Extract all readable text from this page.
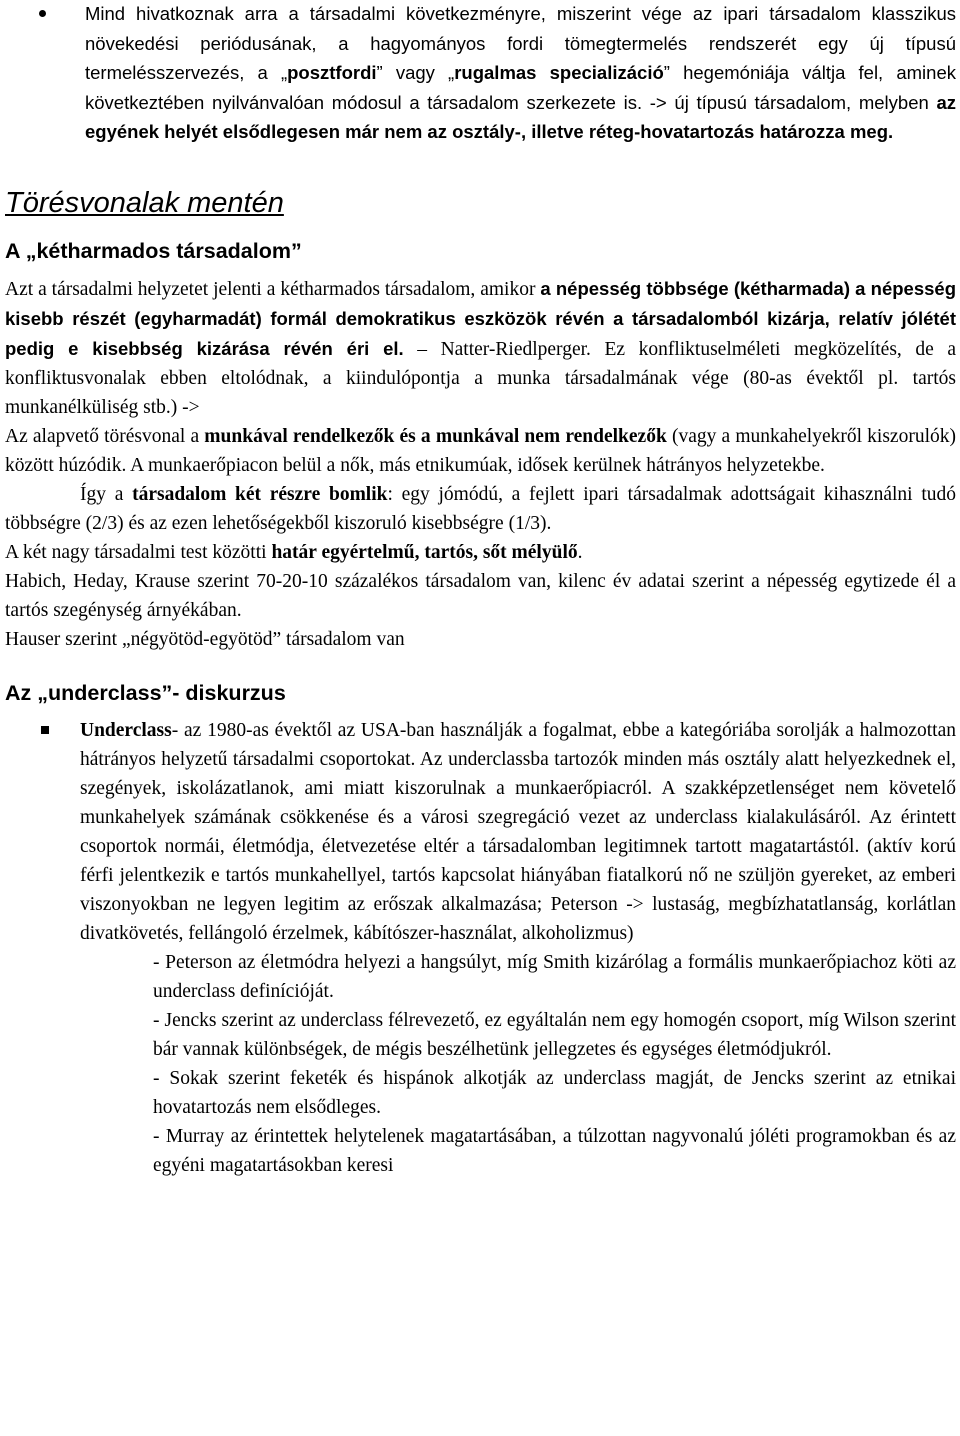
Mind hivatkoznak arra a társadalmi következményre, miszerint vége az ipari társadalom klasszikus növekedési periódusának, a hagyományos fordi tömegtermelés rendszerét egy új típusú termelésszervezés, a „posztfordi” vagy „rugalmas specializáció” hegemóniája váltja fel, aminek következtében nyilvánvalóan módosul a társadalom szerkezete is. -> új típusú társadalom, melyben az egyének helyét elsődlegesen már nem az osztály-, illetve réteg-hovatartozás határozza meg.
Törésvonalak mentén
A „kétharmados társadalom”

Azt a társadalmi helyzetet jelenti a kétharmados társadalom, amikor a népesség többsége (kétharmada) a népesség kisebb részét (egyharmadát) formál demokratikus eszközök révén a társadalomból kizárja, relatív jólétét pedig e kisebbség kizárása révén éri el. – Natter-Riedlperger. Ez konfliktuselméleti megközelítés, de a konfliktusvonalak ebben eltolódnak, a kiindulópontja a munka társadalmának vége (80-as évektől pl. tartós munkanélküliség stb.) ->

Az alapvető törésvonal a munkával rendelkezők és a munkával nem rendelkezők (vagy a munkahelyekről kiszorulók) között húzódik. A munkaerőpiacon belül a nők, más etnikumúak, idősek kerülnek hátrányos helyzetekbe.

Így a társadalom két részre bomlik: egy jómódú, a fejlett ipari társadalmak adottságait kihasználni tudó többségre (2/3) és az ezen lehetőségekből kiszoruló kisebbségre (1/3).

A két nagy társadalmi test közötti határ egyértelmű, tartós, sőt mélyülő.

Habich, Heday, Krause szerint 70-20-10 százalékos társadalom van, kilenc év adatai szerint a népesség egytizede él a tartós szegénység árnyékában.

Hauser szerint „négyötöd-egyötöd” társadalom van

Az „underclass”- diskurzus
Underclass- az 1980-as évektől az USA-ban használják a fogalmat, ebbe a kategóriába sorolják a halmozottan hátrányos helyzetű társadalmi csoportokat. Az underclassba tartozók minden más osztály alatt helyezkednek el, szegények, iskolázatlanok, ami miatt kiszorulnak a munkaerőpiacról. A szakképzetlenséget nem követelő munkahelyek számának csökkenése és a városi szegregáció vezet az underclass kialakulásáról. Az érintett csoportok normái, életmódja, életvezetése eltér a társadalomban legitimnek tartott magatartástól. (aktív korú férfi jelentkezik e tartós munkahellyel, tartós kapcsolat hiányában fiatalkorú nő ne szüljön gyereket, az emberi viszonyokban ne legyen legitim az erőszak alkalmazása; Peterson -> lustaság, megbízhatatlanság, korlátlan divatkövetés, fellángoló érzelmek, kábítószer-használat, alkoholizmus)
- Peterson az életmódra helyezi a hangsúlyt, míg Smith kizárólag a formális munkaerőpiachoz köti az underclass definícióját.
- Jencks szerint az underclass félrevezető, ez egyáltalán nem egy homogén csoport, míg Wilson szerint bár vannak különbségek, de mégis beszélhetünk jellegzetes és egységes életmódjukról.
- Sokak szerint feketék és hispánok alkotják az underclass magját, de Jencks szerint az etnikai hovatartozás nem elsődleges.
- Murray az érintettek helytelenek magatartásában, a túlzottan nagyvonalú jóléti programokban és az egyéni magatartásokban keresi
